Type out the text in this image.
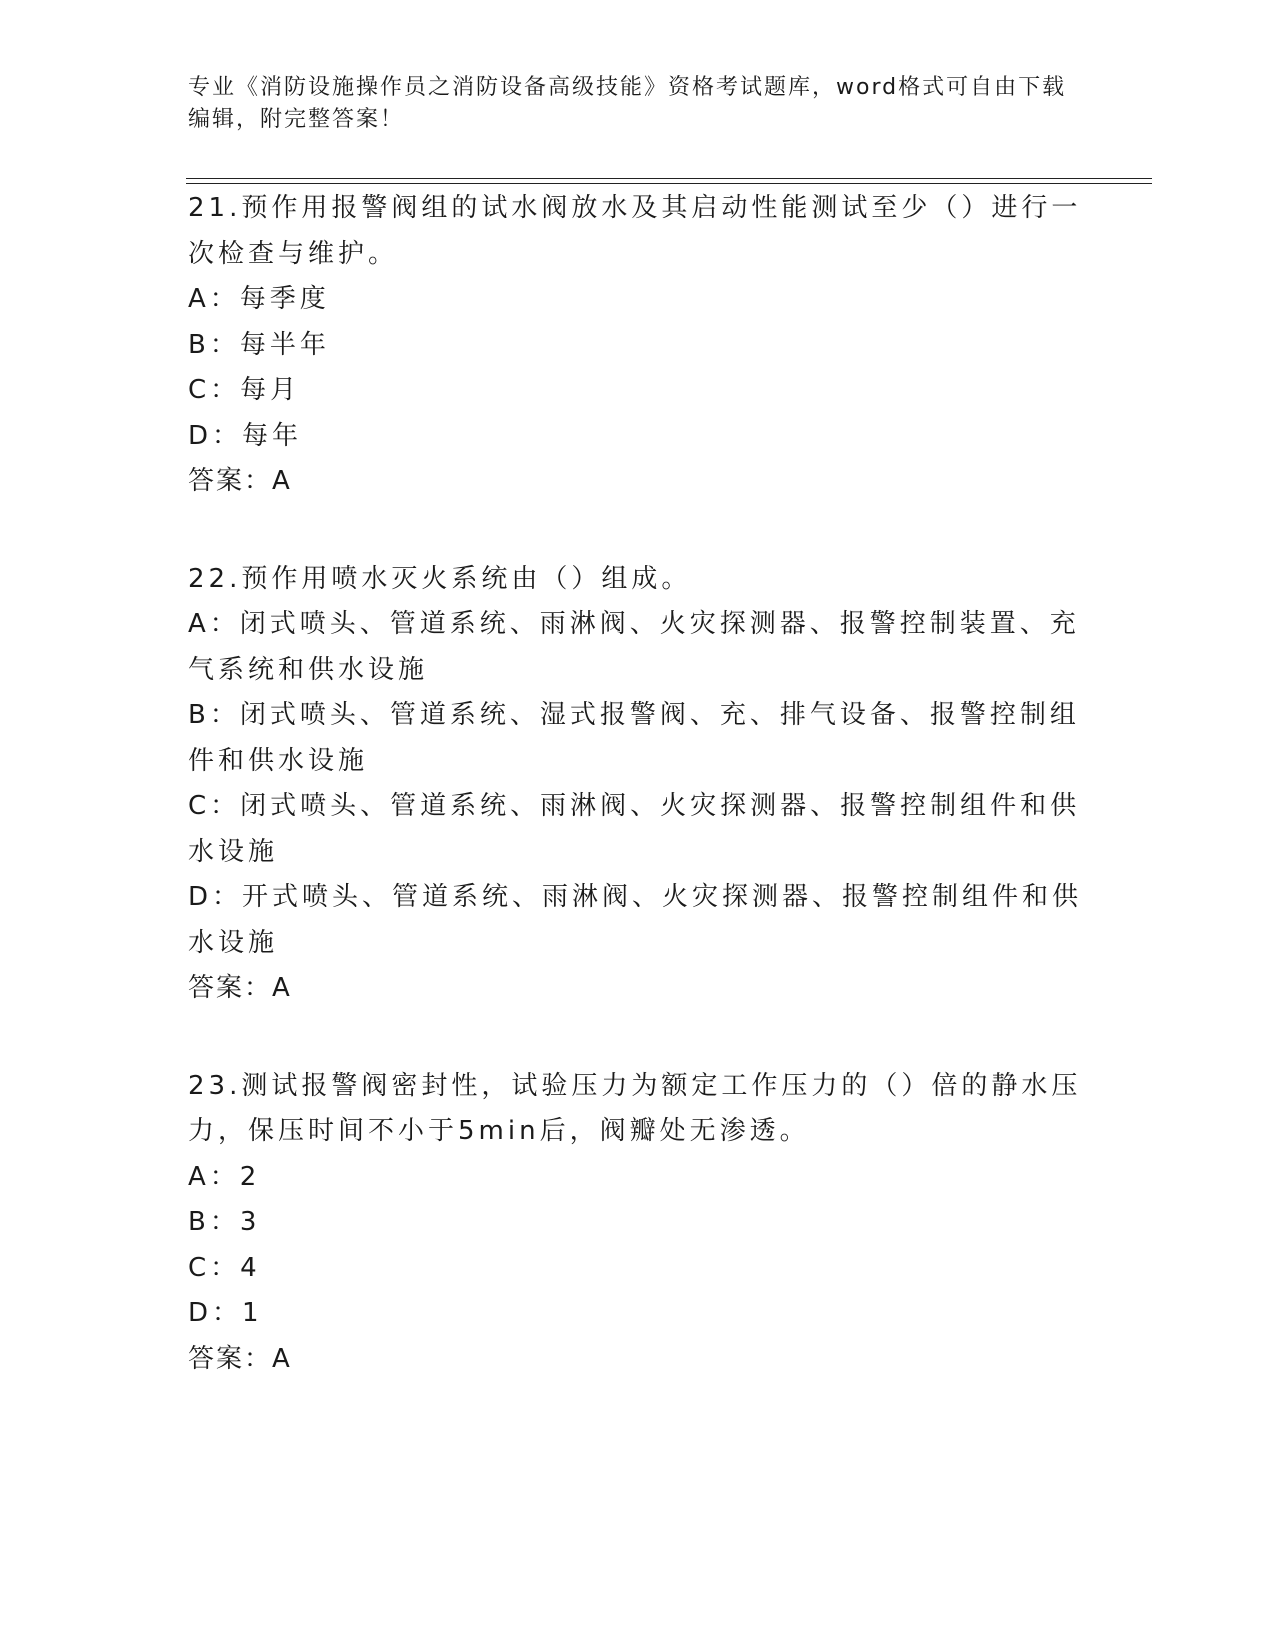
专业《消防设施操作员之消防设备高级技能》资格考试题库，word格式可自由下载编辑，附完整答案！
21.预作用报警阀组的试水阀放水及其启动性能测试至少（）进行一次检查与维护。
A：每季度
B：每半年
C：每月
D：每年
答案：A
22.预作用喷水灭火系统由（）组成。
A：闭式喷头、管道系统、雨淋阀、火灾探测器、报警控制装置、充气系统和供水设施
B：闭式喷头、管道系统、湿式报警阀、充、排气设备、报警控制组件和供水设施
C：闭式喷头、管道系统、雨淋阀、火灾探测器、报警控制组件和供水设施
D：开式喷头、管道系统、雨淋阀、火灾探测器、报警控制组件和供水设施
答案：A
23.测试报警阀密封性，试验压力为额定工作压力的（）倍的静水压力，保压时间不小于5min后，阀瓣处无渗透。
A：2
B：3
C：4
D：1
答案：A
